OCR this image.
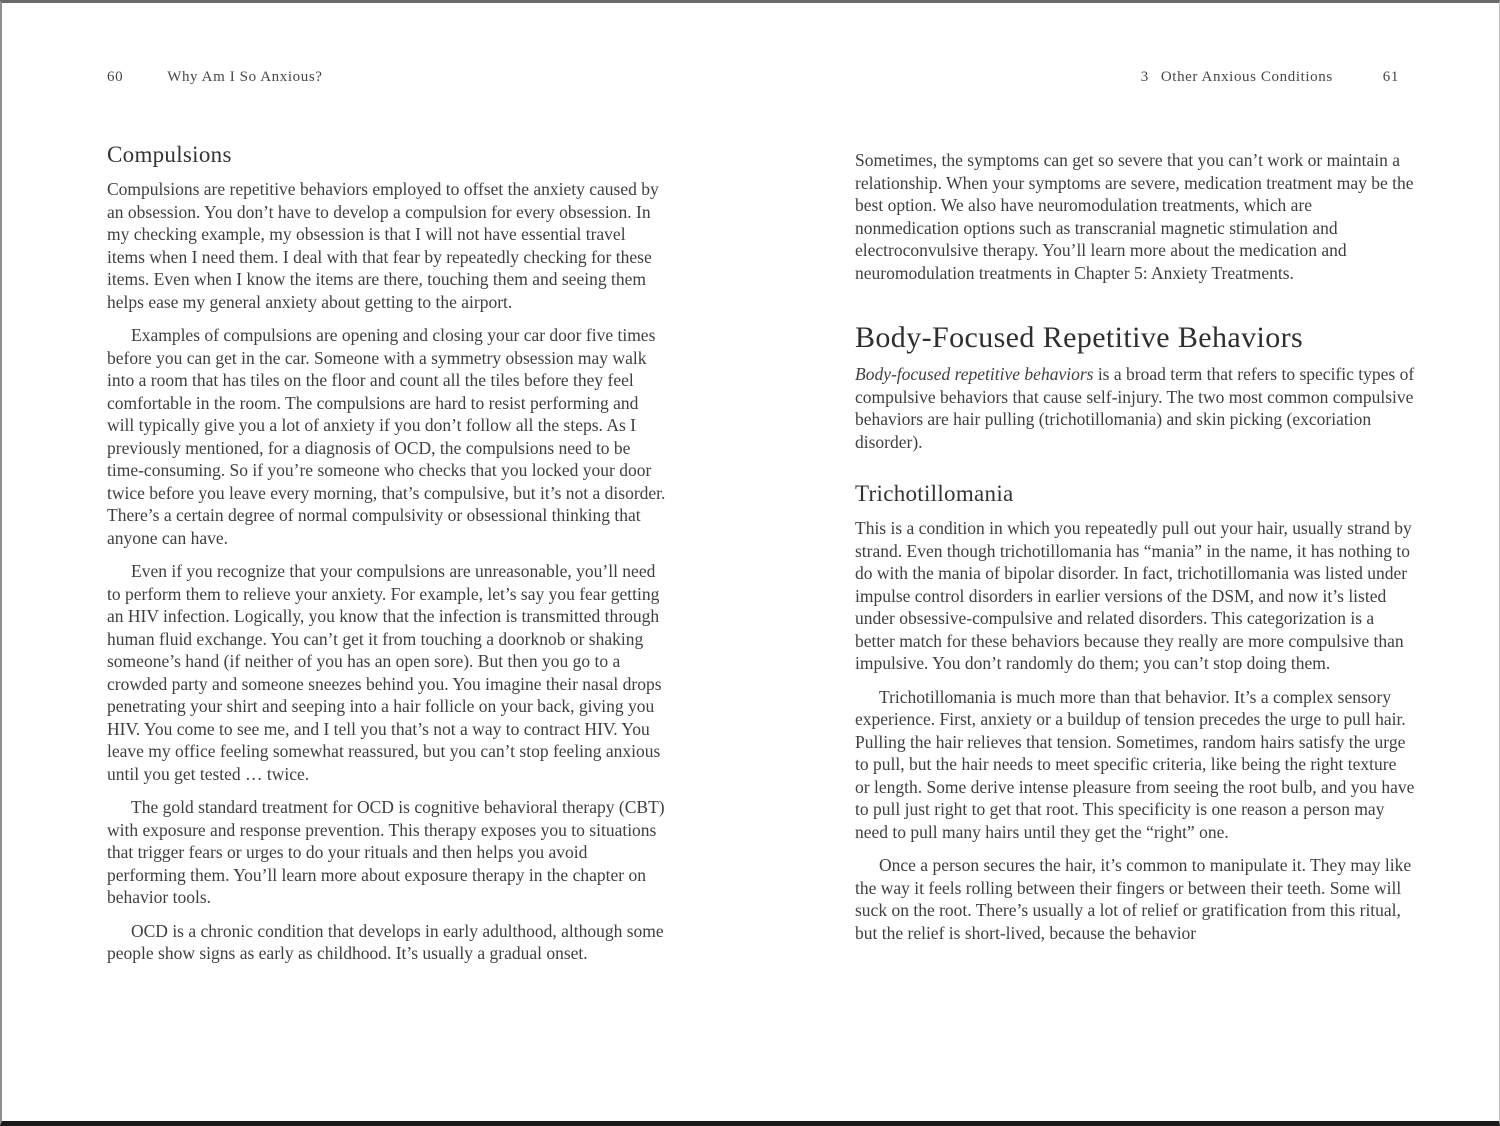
60	Why Am I So Anxious?	3 Other Anxious Conditions	61
Compulsions

Compulsions are repetitive behaviors employed to offset the anxiety caused by an obsession. You don’t have to develop a compulsion for every obsession. In my checking example, my obsession is that I will not have essential travel items when I need them. I deal with that fear by repeatedly checking for these items. Even when I know the items are there, touching them and seeing them helps ease my general anxiety about getting to the airport.

Examples of compulsions are opening and closing your car door five times before you can get in the car. Someone with a symmetry obsession may walk into a room that has tiles on the floor and count all the tiles before they feel comfortable in the room. The compulsions are hard to resist performing and will typically give you a lot of anxiety if you don’t follow all the steps. As I previously mentioned, for a diagnosis of OCD, the compulsions need to be time-consuming. So if you’re someone who checks that you locked your door twice before you leave every morning, that’s compulsive, but it’s not a disorder. There’s a certain degree of normal compulsivity or obsessional thinking that anyone can have.

Even if you recognize that your compulsions are unreasonable, you’ll need to perform them to relieve your anxiety. For example, let’s say you fear getting an HIV infection. Logically, you know that the infection is transmitted through human fluid exchange. You can’t get it from touching a doorknob or shaking someone’s hand (if neither of you has an open sore). But then you go to a crowded party and someone sneezes behind you. You imagine their nasal drops penetrating your shirt and seeping into a hair follicle on your back, giving you HIV. You come to see me, and I tell you that’s not a way to contract HIV. You leave my office feeling somewhat reassured, but you can’t stop feeling anxious until you get tested … twice.

The gold standard treatment for OCD is cognitive behavioral therapy (CBT) with exposure and response prevention. This therapy exposes you to situations that trigger fears or urges to do your rituals and then helps you avoid performing them. You’ll learn more about exposure therapy in the chapter on behavior tools.

OCD is a chronic condition that develops in early adulthood, although some people show signs as early as childhood. It’s usually a gradual onset.

Sometimes, the symptoms can get so severe that you can’t work or maintain a relationship. When your symptoms are severe, medication treatment may be the best option. We also have neuromodulation treatments, which are nonmedication options such as transcranial magnetic stimulation and electroconvulsive therapy. You’ll learn more about the medication and neuromodulation treatments in Chapter 5: Anxiety Treatments.

Body-Focused Repetitive Behaviors

Body-focused repetitive behaviors is a broad term that refers to specific types of compulsive behaviors that cause self-injury. The two most common compulsive behaviors are hair pulling (trichotillomania) and skin picking (excoriation disorder).

Trichotillomania

This is a condition in which you repeatedly pull out your hair, usually strand by strand. Even though trichotillomania has “mania” in the name, it has nothing to do with the mania of bipolar disorder. In fact, trichotillomania was listed under impulse control disorders in earlier versions of the DSM, and now it’s listed under obsessive-compulsive and related disorders. This categorization is a better match for these behaviors because they really are more compulsive than impulsive. You don’t randomly do them; you can’t stop doing them.

Trichotillomania is much more than that behavior. It’s a complex sensory experience. First, anxiety or a buildup of tension precedes the urge to pull hair. Pulling the hair relieves that tension. Sometimes, random hairs satisfy the urge to pull, but the hair needs to meet specific criteria, like being the right texture or length. Some derive intense pleasure from seeing the root bulb, and you have to pull just right to get that root. This specificity is one reason a person may need to pull many hairs until they get the “right” one.

Once a person secures the hair, it’s common to manipulate it. They may like the way it feels rolling between their fingers or between their teeth. Some will suck on the root. There’s usually a lot of relief or gratification from this ritual, but the relief is short-lived, because the behavior
